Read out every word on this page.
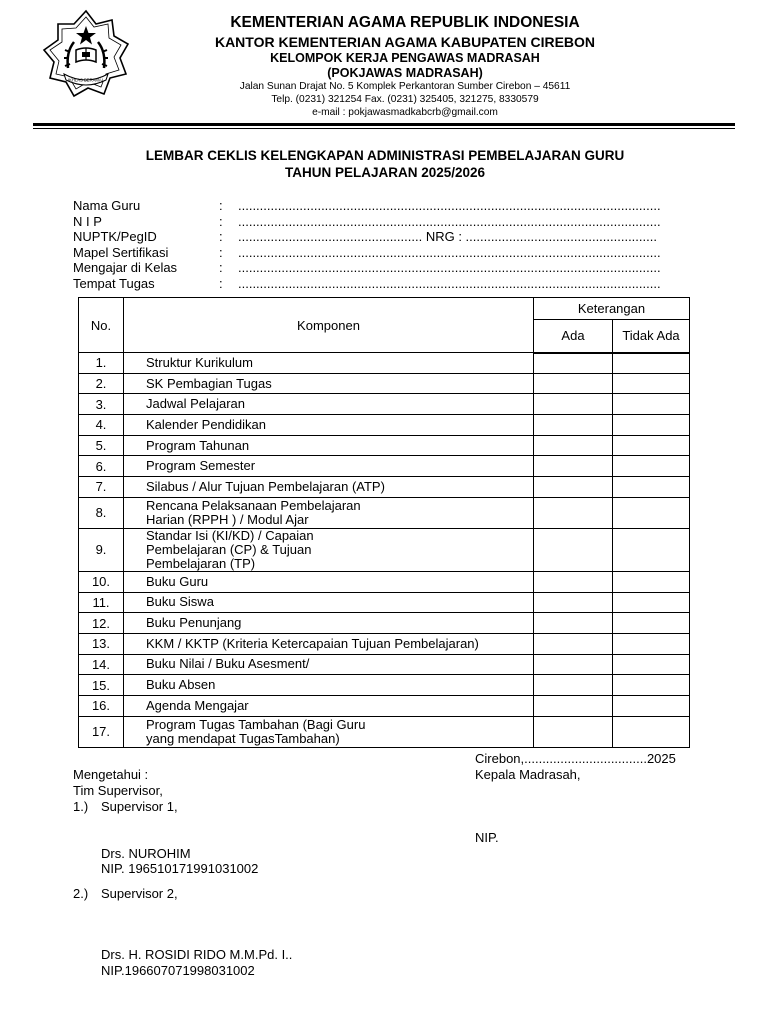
IKHLAS BERAMAL
KEMENTERIAN AGAMA REPUBLIK INDONESIA
KANTOR KEMENTERIAN AGAMA KABUPATEN CIREBON
KELOMPOK KERJA PENGAWAS MADRASAH
(POKJAWAS MADRASAH)
Jalan Sunan Drajat No. 5 Komplek Perkantoran Sumber Cirebon – 45611
Telp. (0231) 321254 Fax. (0231) 325405, 321275, 8330579
e-mail : pokjawasmadkabcrb@gmail.com
LEMBAR CEKLIS KELENGKAPAN ADMINISTRASI PEMBELAJARAN GURU
TAHUN PELAJARAN 2025/2026
Nama Guru	: .....................................................................................................................
N I P	: .....................................................................................................................
NUPTK/PegID	: ................................................... NRG : .....................................................
Mapel Sertifikasi	: .....................................................................................................................
Mengajar di Kelas	: .....................................................................................................................
Tempat Tugas	: .....................................................................................................................
No.	Komponen	Keterangan	
		Ada	Tidak Ada
1.	Struktur Kurikulum		
2.	SK Pembagian Tugas		
3.	Jadwal Pelajaran		
4.	Kalender Pendidikan		
5.	Program Tahunan		
6.	Program Semester		
7.	Silabus / Alur Tujuan Pembelajaran (ATP)		
8.	Rencana Pelaksanaan Pembelajaran Harian (RPPH ) / Modul Ajar		
9.	Standar Isi (KI/KD) / Capaian Pembelajaran (CP) & Tujuan Pembelajaran (TP)		
10.	Buku Guru		
11.	Buku Siswa		
12.	Buku Penunjang		
13.	KKM / KKTP (Kriteria Ketercapaian Tujuan Pembelajaran)		
14.	Buku Nilai / Buku Asesment/		
15.	Buku Absen		
16.	Agenda Mengajar		
17.	Program Tugas Tambahan (Bagi Guru yang mendapat TugasTambahan)		
Cirebon,..................................2025
Kepala Madrasah,
NIP.
Mengetahui :
Tim Supervisor,
1.) Supervisor 1,
Drs. NUROHIM
NIP. 196510171991031002
2.) Supervisor 2,
Drs. H. ROSIDI RIDO M.M.Pd. I..
NIP.196607071998031002
